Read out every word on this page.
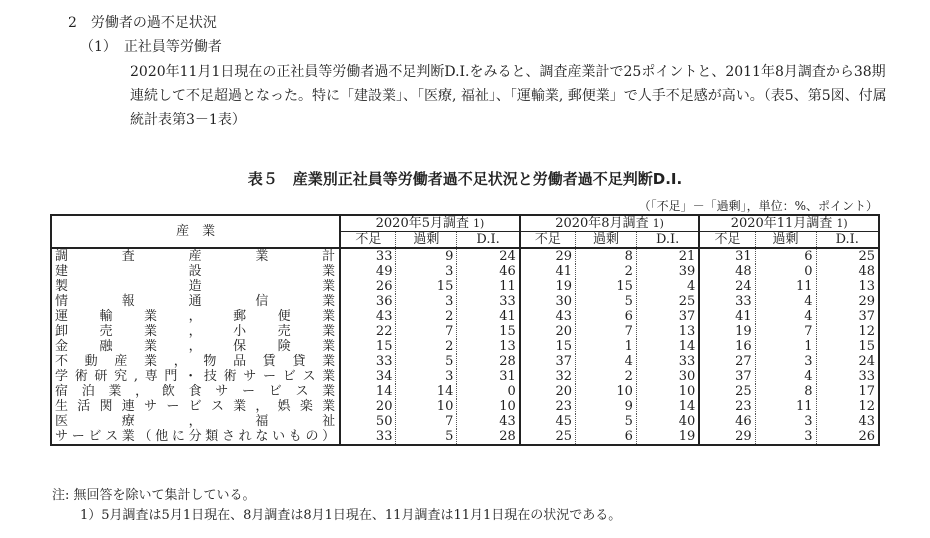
2　労働者の過不足状況
（1）　正社員等労働者

2020年11月1日現在の正社員等労働者過不足判断D.I.をみると、調査産業計で25ポイントと、2011年8月調査から38期連続して不足超過となった。特に「建設業」、「医療, 福祉」、「運輸業, 郵便業」で人手不足感が高い。（表5、第5図、付属統計表第3－1表）

表５　産業別正社員等労働者過不足状況と労働者過不足判断D.I.
（「不足」－「過剰」，単位：%、ポイント）
産　業	2020年5月調査 1)			2020年8月調査 1)			2020年11月調査 1)		
	不足	過剰	D.I.	不足	過剰	D.I.	不足	過剰	D.I.
調査産業計	33	9	24	29	8	21	31	6	25
建設業	49	3	46	41	2	39	48	0	48
製造業	26	15	11	19	15	4	24	11	13
情報通信業	36	3	33	30	5	25	33	4	29
運輸業，郵便業	43	2	41	43	6	37	41	4	37
卸売業，小売業	22	7	15	20	7	13	19	7	12
金融業，保険業	15	2	13	15	1	14	16	1	15
不動産業，物品賃貸業	33	5	28	37	4	33	27	3	24
学術研究,専門・技術サービス業	34	3	31	32	2	30	37	4	33
宿泊業，飲食サービス業	14	14	0	20	10	10	25	8	17
生活関連サービス業，娯楽業	20	10	10	23	9	14	23	11	12
医療，福祉	50	7	43	45	5	40	46	3	43
サービス業（他に分類されないもの）	33	5	28	25	6	19	29	3	26
注: 無回答を除いて集計している。
1）5月調査は5月1日現在、8月調査は8月1日現在、11月調査は11月1日現在の状況である。
